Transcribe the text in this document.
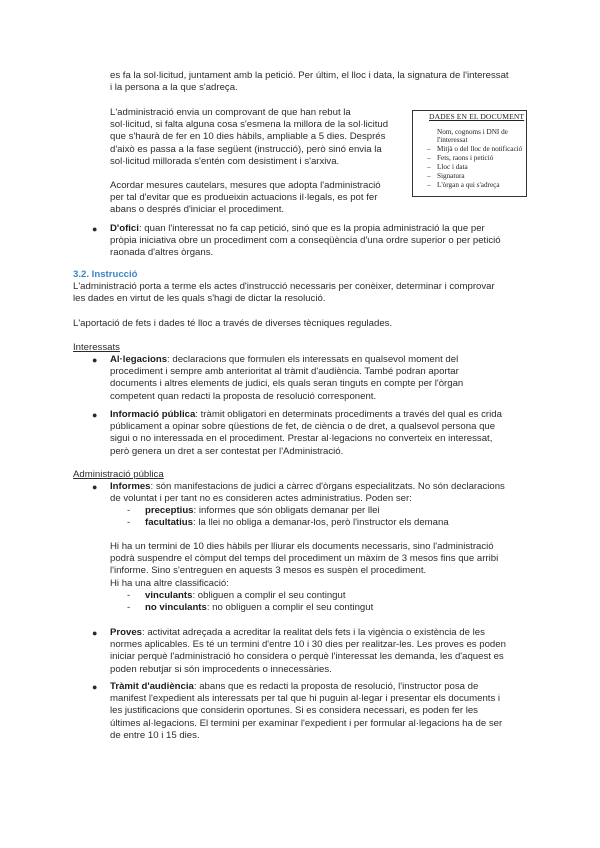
es fa la sol·licitud, juntament amb la petició. Per últim, el lloc i data, la signatura de l'interessat i la persona a la que s'adreça.

L'administració envia un comprovant de que han rebut la

sol·licitud, si falta alguna cosa s'esmena la millora de la sol·licitud

que s'haurà de fer en 10 dies hàbils, ampliable a 5 dies. Després

d'això es passa a la fase següent (instrucció), però sinó envia la

sol·licitud millorada s'entén com desistiment i s'arxiva.

Acordar mesures cautelars, mesures que adopta l'administració

per tal d'evitar que es produeixin actuacions il·legals, es pot fer

abans o després d'iniciar el procediment.

DADES EN EL DOCUMENT
Nom, cognoms i DNI de
l'interessat
– Mitjà o del lloc de notificació
– Fets, raons i petició
– Lloc i data
– Signatura
– L'òrgan a qui s'adreça
● D'ofici: quan l'interessat no fa cap petició, sinó que es la propia administració la que per

pròpia iniciativa obre un procediment com a conseqüència d'una ordre superior o per petició

raonada d'altres òrgans.

3.2. Instrucció

L'administració porta a terme els actes d'instrucció necessaris per conèixer, determinar i comprovar

les dades en virtut de les quals s'hagi de dictar la resolució.

L'aportació de fets i dades té lloc a través de diverses tècniques regulades.

Interessats

● Al·legacions: declaracions que formulen els interessats en qualsevol moment del

procediment i sempre amb anterioritat al tràmit d'audiència. També podran aportar

documents i altres elements de judici, els quals seran tinguts en compte per l'òrgan

competent quan redacti la proposta de resolució corresponent.

● Informació pública: tràmit obligatori en determinats procediments a través del qual es crida

públicament a opinar sobre qüestions de fet, de ciència o de dret, a qualsevol persona que

sigui o no interessada en el procediment. Prestar al·legacions no converteix en interessat,

però genera un dret a ser contestat per l'Administració.

Administració pública

● Informes: són manifestacions de judici a càrrec d'òrgans especialitzats. No són declaracions

de voluntat i per tant no es consideren actes administratius. Poden ser:

- preceptius: informes que són obligats demanar per llei

- facultatius: la llei no obliga a demanar-los, però l'instructor els demana

Hi ha un termini de 10 dies hàbils per lliurar els documents necessaris, sino l'administració

podrà suspendre el còmput del temps del procediment un màxim de 3 mesos fins que arribi

l'informe. Sino s'entreguen en aquests 3 mesos es suspèn el procediment.

Hi ha una altre classificació:

- vinculants: obliguen a complir el seu contingut

- no vinculants: no obliguen a complir el seu contingut

● Proves: activitat adreçada a acreditar la realitat dels fets i la vigència o existència de les

normes aplicables. Es té un termini d'entre 10 i 30 dies per realitzar-les. Les proves es poden

iniciar perquè l'administració ho considera o perquè l'interessat les demanda, les d'aquest es

poden rebutjar si són improcedents o innecessàries.

● Tràmit d'audiència: abans que es redacti la proposta de resolució, l'instructor posa de

manifest l'expedient als interessats per tal que hi puguin al·legar i presentar els documents i

les justificacions que considerin oportunes. Si es considera necessari, es poden fer les

últimes al·legacions. El termini per examinar l'expedient i per formular al·legacions ha de ser

de entre 10 i 15 dies.
